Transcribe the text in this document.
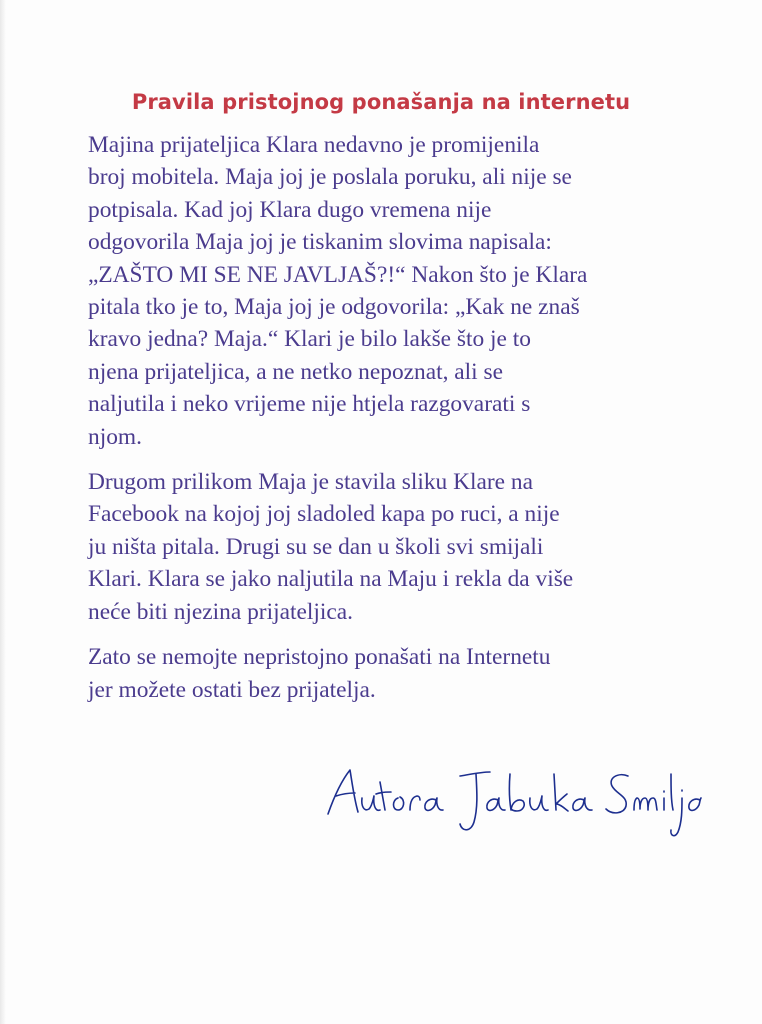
Pravila pristojnog ponašanja na internetu

Majina prijateljica Klara nedavno je promijenila
broj mobitela. Maja joj je poslala poruku, ali nije se
potpisala. Kad joj Klara dugo vremena nije
odgovorila Maja joj je tiskanim slovima napisala:
„ZAŠTO MI SE NE JAVLJAŠ?!“ Nakon što je Klara
pitala tko je to, Maja joj je odgovorila: „Kak ne znaš
kravo jedna? Maja.“ Klari je bilo lakše što je to
njena prijateljica, a ne netko nepoznat, ali se
naljutila i neko vrijeme nije htjela razgovarati s
njom.

Drugom prilikom Maja je stavila sliku Klare na
Facebook na kojoj joj sladoled kapa po ruci, a nije
ju ništa pitala. Drugi su se dan u školi svi smijali
Klari. Klara se jako naljutila na Maju i rekla da više
neće biti njezina prijateljica.

Zato se nemojte nepristojno ponašati na Internetu
jer možete ostati bez prijatelja.
